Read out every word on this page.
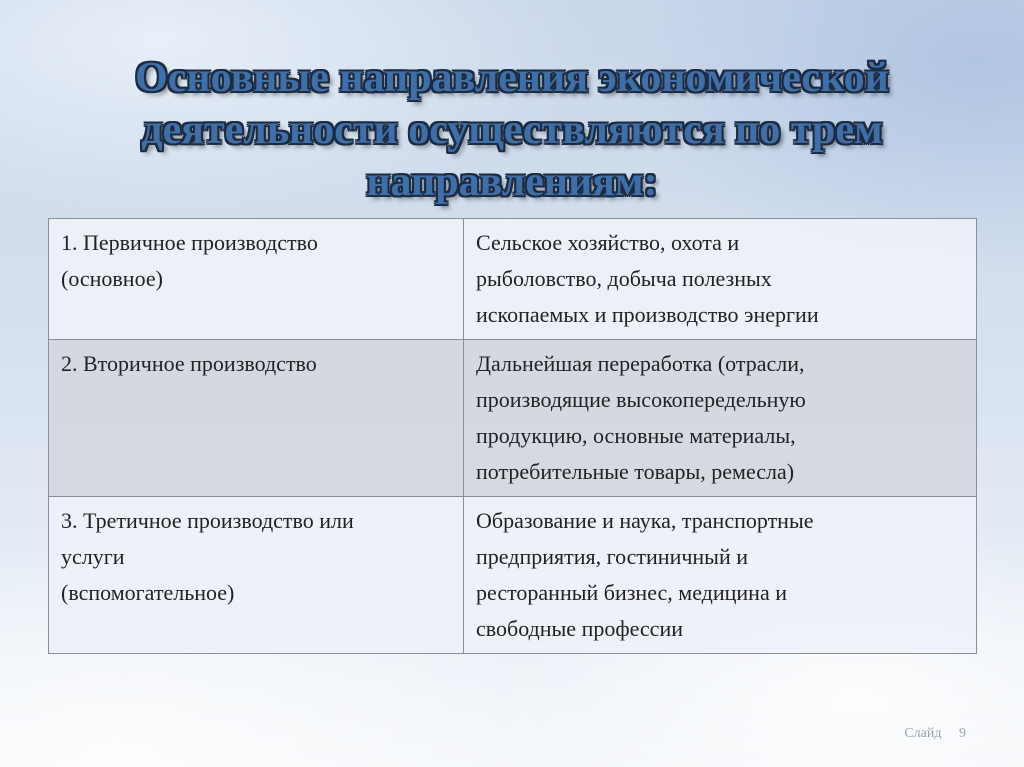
Основные направления экономической
деятельности осуществляются по трем
направлениям:
1. Первичное производство
(основное)	Сельское хозяйство, охота и
рыболовство, добыча полезных
ископаемых и производство энергии

2. Вторичное производство	Дальнейшая переработка (отрасли,
производящие высокопередельную
продукцию, основные материалы,
потребительные товары, ремесла)

3. Третичное производство или
услуги
(вспомогательное)	Образование и наука, транспортные
предприятия, гостиничный и
ресторанный бизнес, медицина и
свободные профессии
Слайд 9
